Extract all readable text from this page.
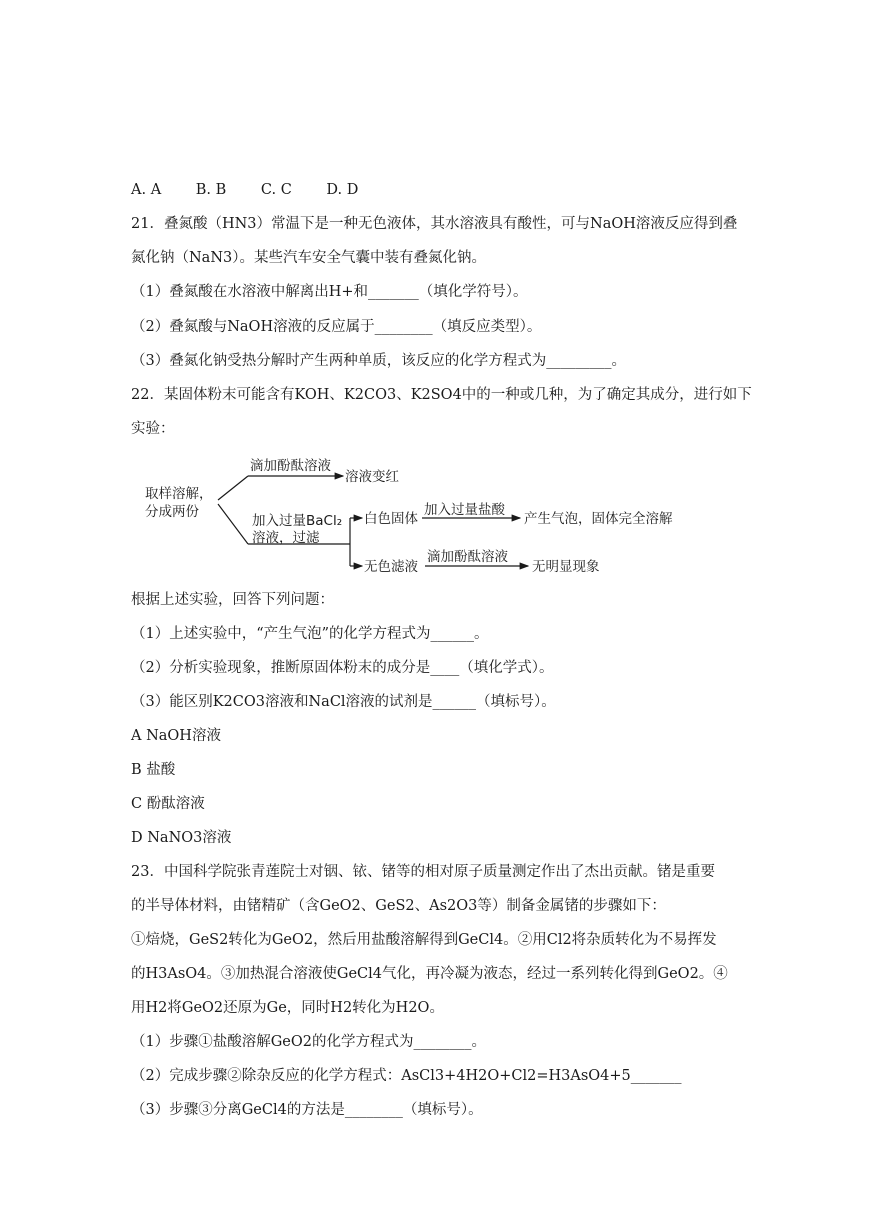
A. A B. B C. C D. D
21．叠氮酸（HN3）常温下是一种无色液体，其水溶液具有酸性，可与NaOH溶液反应得到叠
氮化钠（NaN3）。某些汽车安全气囊中装有叠氮化钠。
（1）叠氮酸在水溶液中解离出H+和_______（填化学符号）。
（2）叠氮酸与NaOH溶液的反应属于________（填反应类型）。
（3）叠氮化钠受热分解时产生两种单质，该反应的化学方程式为_________。
22．某固体粉末可能含有KOH、K2CO3、K2SO4中的一种或几种，为了确定其成分，进行如下
实验：
取样溶解，
分成两份
滴加酚酞溶液
溶液变红
加入过量BaCl₂
溶液，过滤
白色固体
加入过量盐酸
产生气泡，固体完全溶解
无色滤液
滴加酚酞溶液
无明显现象
根据上述实验，回答下列问题：
（1）上述实验中，“产生气泡”的化学方程式为______。
（2）分析实验现象，推断原固体粉末的成分是____（填化学式）。
（3）能区别K2CO3溶液和NaCl溶液的试剂是______（填标号）。
A NaOH溶液
B 盐酸
C 酚酞溶液
D NaNO3溶液
23．中国科学院张青莲院士对铟、铱、锗等的相对原子质量测定作出了杰出贡献。锗是重要
的半导体材料，由锗精矿（含GeO2、GeS2、As2O3等）制备金属锗的步骤如下：
①焙烧，GeS2转化为GeO2，然后用盐酸溶解得到GeCl4。②用Cl2将杂质转化为不易挥发
的H3AsO4。③加热混合溶液使GeCl4气化，再冷凝为液态，经过一系列转化得到GeO2。④
用H2将GeO2还原为Ge，同时H2转化为H2O。
（1）步骤①盐酸溶解GeO2的化学方程式为________。
（2）完成步骤②除杂反应的化学方程式：AsCl3+4H2O+Cl2=H3AsO4+5_______
（3）步骤③分离GeCl4的方法是________（填标号）。
